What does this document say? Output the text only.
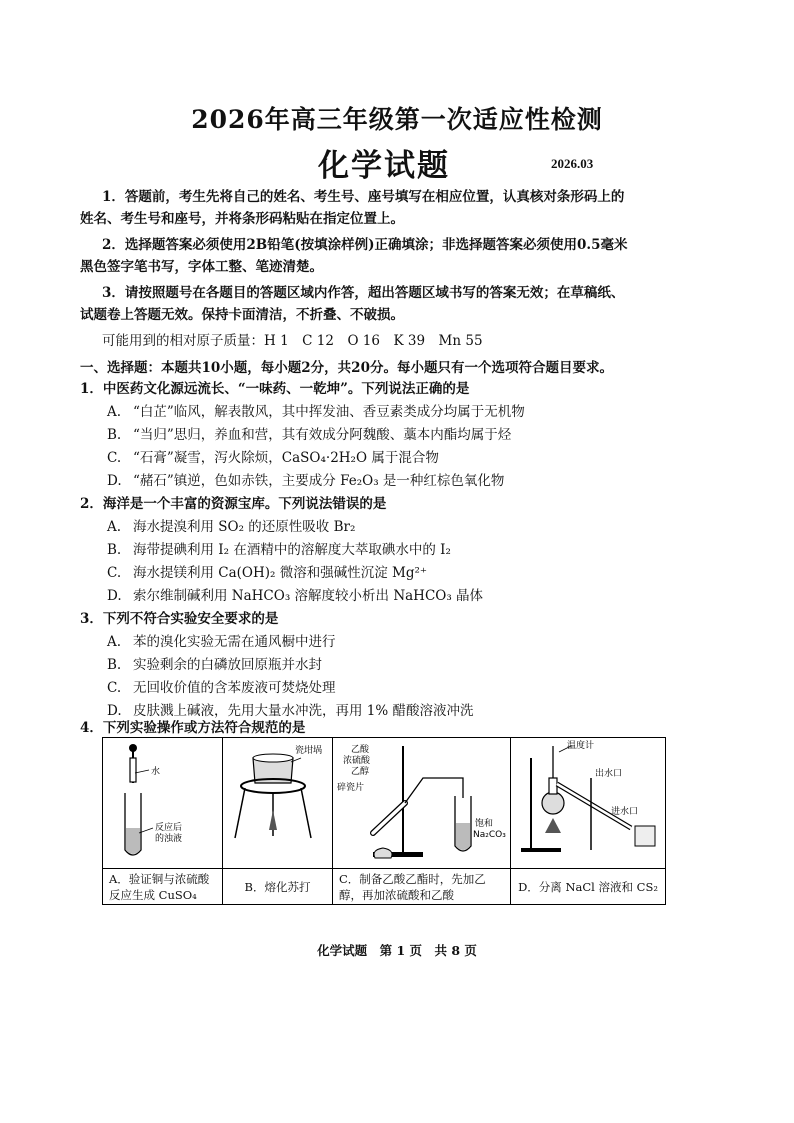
2026年高三年级第一次适应性检测
化学试题	2026.03
1．答题前，考生先将自己的姓名、考生号、座号填写在相应位置，认真核对条形码上的
姓名、考生号和座号，并将条形码粘贴在指定位置上。
2．选择题答案必须使用2B铅笔(按填涂样例)正确填涂；非选择题答案必须使用0.5毫米
黑色签字笔书写，字体工整、笔迹清楚。
3．请按照题号在各题目的答题区域内作答，超出答题区域书写的答案无效；在草稿纸、
试题卷上答题无效。保持卡面清洁，不折叠、不破损。
可能用到的相对原子质量：H 1　C 12　O 16　K 39　Mn 55
一、选择题：本题共10小题，每小题2分，共20分。每小题只有一个选项符合题目要求。
1．中医药文化源远流长、“一味药、一乾坤”。下列说法正确的是
A. “白芷”临风，解表散风，其中挥发油、香豆素类成分均属于无机物
B. “当归”思归，养血和营，其有效成分阿魏酸、藁本内酯均属于烃
C. “石膏”凝雪，泻火除烦，CaSO₄·2H₂O 属于混合物
D. “赭石”镇逆，色如赤铁，主要成分 Fe₂O₃ 是一种红棕色氧化物
2．海洋是一个丰富的资源宝库。下列说法错误的是
A. 海水提溴利用 SO₂ 的还原性吸收 Br₂
B. 海带提碘利用 I₂ 在酒精中的溶解度大萃取碘水中的 I₂
C. 海水提镁利用 Ca(OH)₂ 微溶和强碱性沉淀 Mg²⁺
D. 索尔维制碱利用 NaHCO₃ 溶解度较小析出 NaHCO₃ 晶体
3．下列不符合实验安全要求的是
A. 苯的溴化实验无需在通风橱中进行
B. 实验剩余的白磷放回原瓶并水封
C. 无回收价值的含苯废液可焚烧处理
D. 皮肤溅上碱液，先用大量水冲洗，再用 1% 醋酸溶液冲洗
4．下列实验操作或方法符合规范的是
水
反应后
的浊液
A．验证铜与浓硫酸
反应生成 CuSO₄
瓷坩埚
B．熔化苏打
乙酸
浓硫酸
乙醇
碎瓷片
饱和
Na₂CO₃
C．制备乙酸乙酯时，先加乙
醇，再加浓硫酸和乙酸
温度计
出水口
进水口
D．分离 NaCl 溶液和 CS₂
化学试题　第 1 页　共 8 页
